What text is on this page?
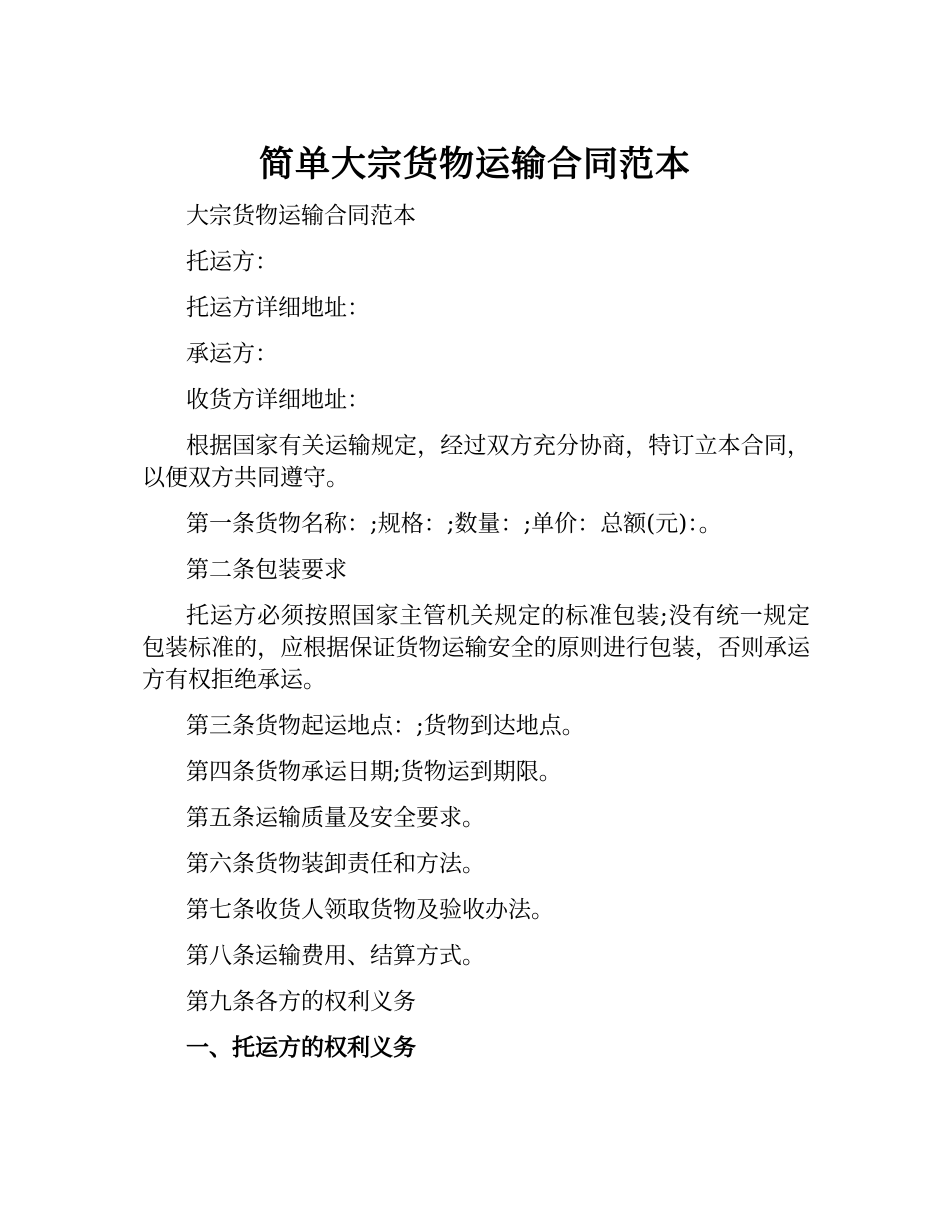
简单大宗货物运输合同范本

大宗货物运输合同范本

托运方：

托运方详细地址：

承运方：

收货方详细地址：

根据国家有关运输规定，经过双方充分协商，特订立本合同，以便双方共同遵守。

第一条货物名称：;规格：;数量：;单价：总额(元)：。

第二条包装要求

托运方必须按照国家主管机关规定的标准包装;没有统一规定包装标准的，应根据保证货物运输安全的原则进行包装，否则承运方有权拒绝承运。

第三条货物起运地点：;货物到达地点。

第四条货物承运日期;货物运到期限。

第五条运输质量及安全要求。

第六条货物装卸责任和方法。

第七条收货人领取货物及验收办法。

第八条运输费用、结算方式。

第九条各方的权利义务

一、托运方的权利义务
